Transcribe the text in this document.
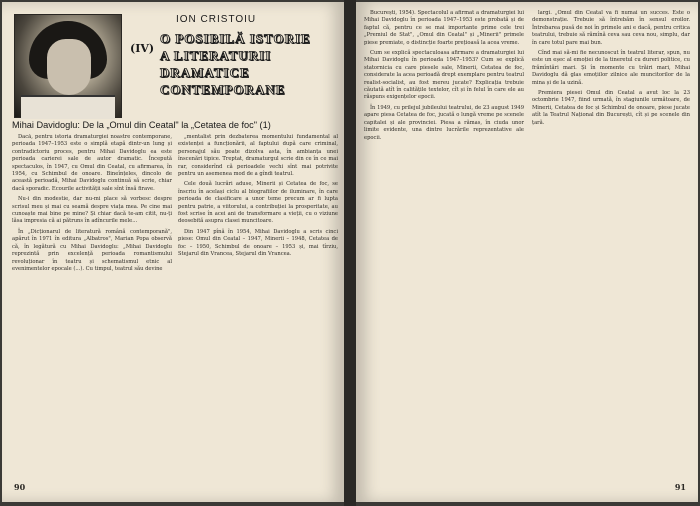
(IV)
ION CRISTOIU
O POSIBILĂ ISTORIE
A LITERATURII
DRAMATICE
CONTEMPORANE
Mihai Davidoglu: De la „Omul din Ceatal" la „Cetatea de foc" (1)

Dacă, pentru istoria dramaturgiei noastre contemporane, perioada 1947–1953 este o simplă etapă dintr-un lung și contradictoriu proces, pentru Mihai Davidoglu ea este perioada carierei sale de autor dramatic. Începută spectaculos, în 1947, cu Omul din Ceatal, cu afirmarea, în 1954, cu Schimbul de onoare. Bineînțeles, dincolo de această perioadă, Mihai Davidoglu continuă să scrie, chiar dacă sporadic. Ecourile activității sale sînt însă firave.

Nu-i din modestie, dar nu-mi place să vorbesc despre scrisul meu și mai cu seamă despre viața mea. Pe cine mai cunoaște mai bine pe mine? Și chiar dacă te-am citit, nu-ți lăsa impresia că ai pătruns în adîncurile mele...

În „Dicționarul de literatură română contemporană", apărut în 1971 în editura „Albatros", Marian Popa observă că, în legătură cu Mihai Davidoglu: „Mihai Davidoglu reprezintă prin excelență perioada romantismului revoluționar în teatru și schematismul etnic al evenimentelor epocale (...). Cu timpul, teatrul său devine

„mentalist prin dezbaterea momentului fundamental al existenței a funcționării, al faptului după care criminal, personajul său poate dizolva asta, în ambianța unei înscenări tipice. Treptat, dramaturgul scrie din ce în ce mai rar, considerînd că perioadele vechi sînt mai potrivite pentru un asemenea mod de a gîndi teatrul.

Cele două lucrări aduse, Minerii și Cetatea de foc, se înscriu în același ciclu al biografiilor de iluminare, în care perioada de clasificare a unor teme precum ar fi lupta pentru patrie, a viitorului, a contribuției la prosperitate, au fost scrise în acei ani de transformare a vieții, cu o viziune deosebită asupra clasei muncitoare.

Din 1947 pînă în 1954, Mihai Davidoglu a scris cinci piese: Omul din Ceatal – 1947, Minerii – 1948, Cetatea de foc – 1950, Schimbul de onoare – 1953 și, mai tîrziu, Stejarul din Vrancea, Stejarul din Vrancea.

90

București, 1954). Spectacolul a afirmat a dramaturgiei lui Mihai Davidoglu în perioada 1947–1953 este probată și de faptul că, pentru ce se mai importante prime cele trei „Premiul de Stat", „Omul din Ceatal" și „Minerii" primele piese premiate, o distincție foarte prețioasă la acea vreme.

Cum se explică spectaculoasa afirmare a dramaturgiei lui Mihai Davidoglu în perioada 1947–1953? Cum se explică statornicia cu care piesele sale, Minerii, Cetatea de foc, considerate la acea perioadă drept exemplare pentru teatrul realist-socialist, au fost mereu jucate? Explicația trebuie căutată atît în calitățile textelor, cît și în felul în care ele au răspuns exigențelor epocii.

În 1949, cu prilejul jubileului teatrului, de 23 august 1949 apare piesa Cetatea de foc, jucată o lungă vreme pe scenele capitalei și ale provinciei. Piesa a rămas, în ciuda unor limite evidente, una dintre lucrările reprezentative ale epocii.

largi. „Omul din Ceatal va fi numai un succes. Este o demonstrație. Trebuie să întrebăm în sensul eroilor. Întrebarea pusă de noi în primele ani e dacă, pentru critica teatrului, trebuie să rămînă ceva sau ceva nou, simplu, dar în care totul pare mai bun.

Cînd mai să-mi fie necunoscut în teatrul literar, spun, nu este un eșec al emoției de la tineretul cu dureri politice, cu frămîntări mari. Și în momente cu trăiri mari, Mihai Davidoglu dă glas emoțiilor zilnice ale muncitorilor de la mina și de la uzină.

Premiera piesei Omul din Ceatal a avut loc la 23 octombrie 1947, fiind urmată, în stagiunile următoare, de Minerii, Cetatea de foc și Schimbul de onoare, piese jucate atît la Teatrul Național din București, cît și pe scenele din țară.

91
